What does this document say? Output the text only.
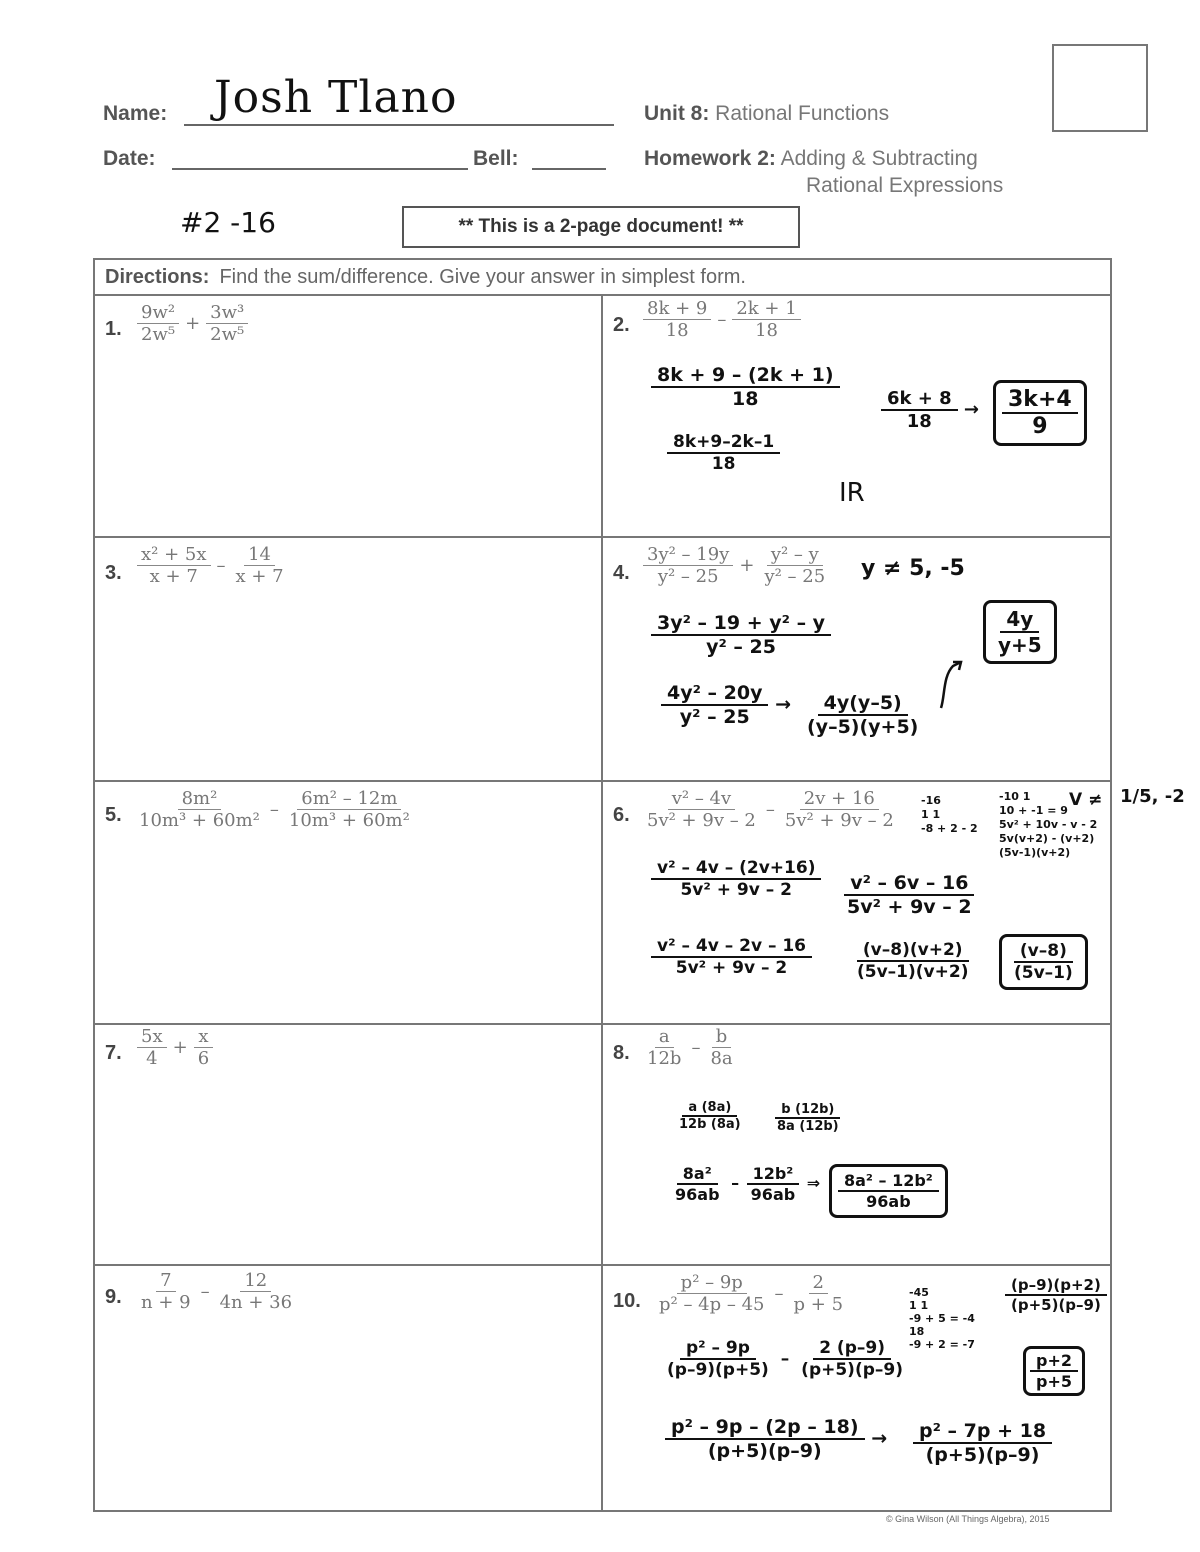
Name: Josh Tlano
Date:	Bell:
Unit 8: Rational Functions
Homework 2: Adding & Subtracting
Rational Expressions
#2 -16	** This is a 2-page document! **
Directions: Find the sum/difference. Give your answer in simplest form.
1. $\frac{\text{9w²}}{\text{2w⁵}} + \frac{\text{3w³}}{\text{2w⁵}}$	2. $\frac{8k + 9}{18} - \frac{2k + 1}{18}$
3. $\frac{\text{x² + 5x}}{x + 7} - \frac{14}{x + 7}$	4. $\frac{\text{3y² – 19y}}{\text{y² – 25}} + \frac{\text{y² – y}}{\text{y² – 25}}$
5. $\frac{\text{8m²}}{\text{10m³ + 60m²}} - \frac{\text{6m² – 12m}}{\text{10m³ + 60m²}}$	6. $\frac{\text{v² – 4v}}{\text{5v² + 9v – 2}} - \frac{2v + 16}{\text{5v² + 9v – 2}}$
7. $\frac{5x}{4} + \frac{x}{6}$	8. $\frac{a}{12b} - \frac{b}{8a}$
9. $\frac{7}{n + 9} - \frac{12}{4n + 36}$	10. $\frac{\text{p² – 9p}}{\text{p² – 4p – 45}} - \frac{2}{p + 5}$
$\frac{8k + 9 - (2k + 1)}{18}$
$\frac{8k+9-2k-1}{18}$
$\frac{6k + 8}{18} \to \frac{3k+4}{9}$
IR
y ≠ 5, -5
$\frac{\text{3y² – 19 + y² – y}}{\text{y² – 25}}$
$\frac{\text{4y² – 20y}}{\text{y² – 25}} \to \frac{4y(y-5)}{(y-5)(y+5)}$
$\frac{4y}{y+5}$
-16
1 1
-8 + 2 - 2
-10 1
10 + -1 = 9
5v² + 10v - v - 2
5v(v+2) - (v+2)
(5v-1)(v+2)
V ≠
$\frac{\text{v² – 4v – (2v+16)}}{\text{5v² + 9v – 2}} \frac{\text{v² – 6v – 16}}{\text{5v² + 9v – 2}}$
$\frac{\text{v² – 4v – 2v – 16}}{\text{5v² + 9v – 2}} \frac{(v-8)(v+2)}{(5v-1)(v+2)} \frac{(v-8)}{(5v-1)}$
$\frac{a (8a)}{12b (8a)} \frac{b (12b)}{8a (12b)}$
$\frac{\text{8a²}}{96ab} - \frac{\text{12b²}}{96ab}$ ⇒ $\frac{\text{8a² – 12b²}}{96ab}$
-45
1 1
-9 + 5 = -4
18
-9 + 2 = -7
$\frac{(p-9)(p+2)}{(p+5)(p-9)}$
$\frac{p+2}{p+5}$
$\frac{\text{p² – 9p}}{(p-9)(p+5)} - \frac{2 (p-9)}{(p+5)(p-9)}$
$\frac{\text{p² – 9p – (2p – 18)}}{(p+5)(p-9)} \to \frac{\text{p² – 7p + 18}}{(p+5)(p-9)}$
1/5, -2
© Gina Wilson (All Things Algebra), 2015
